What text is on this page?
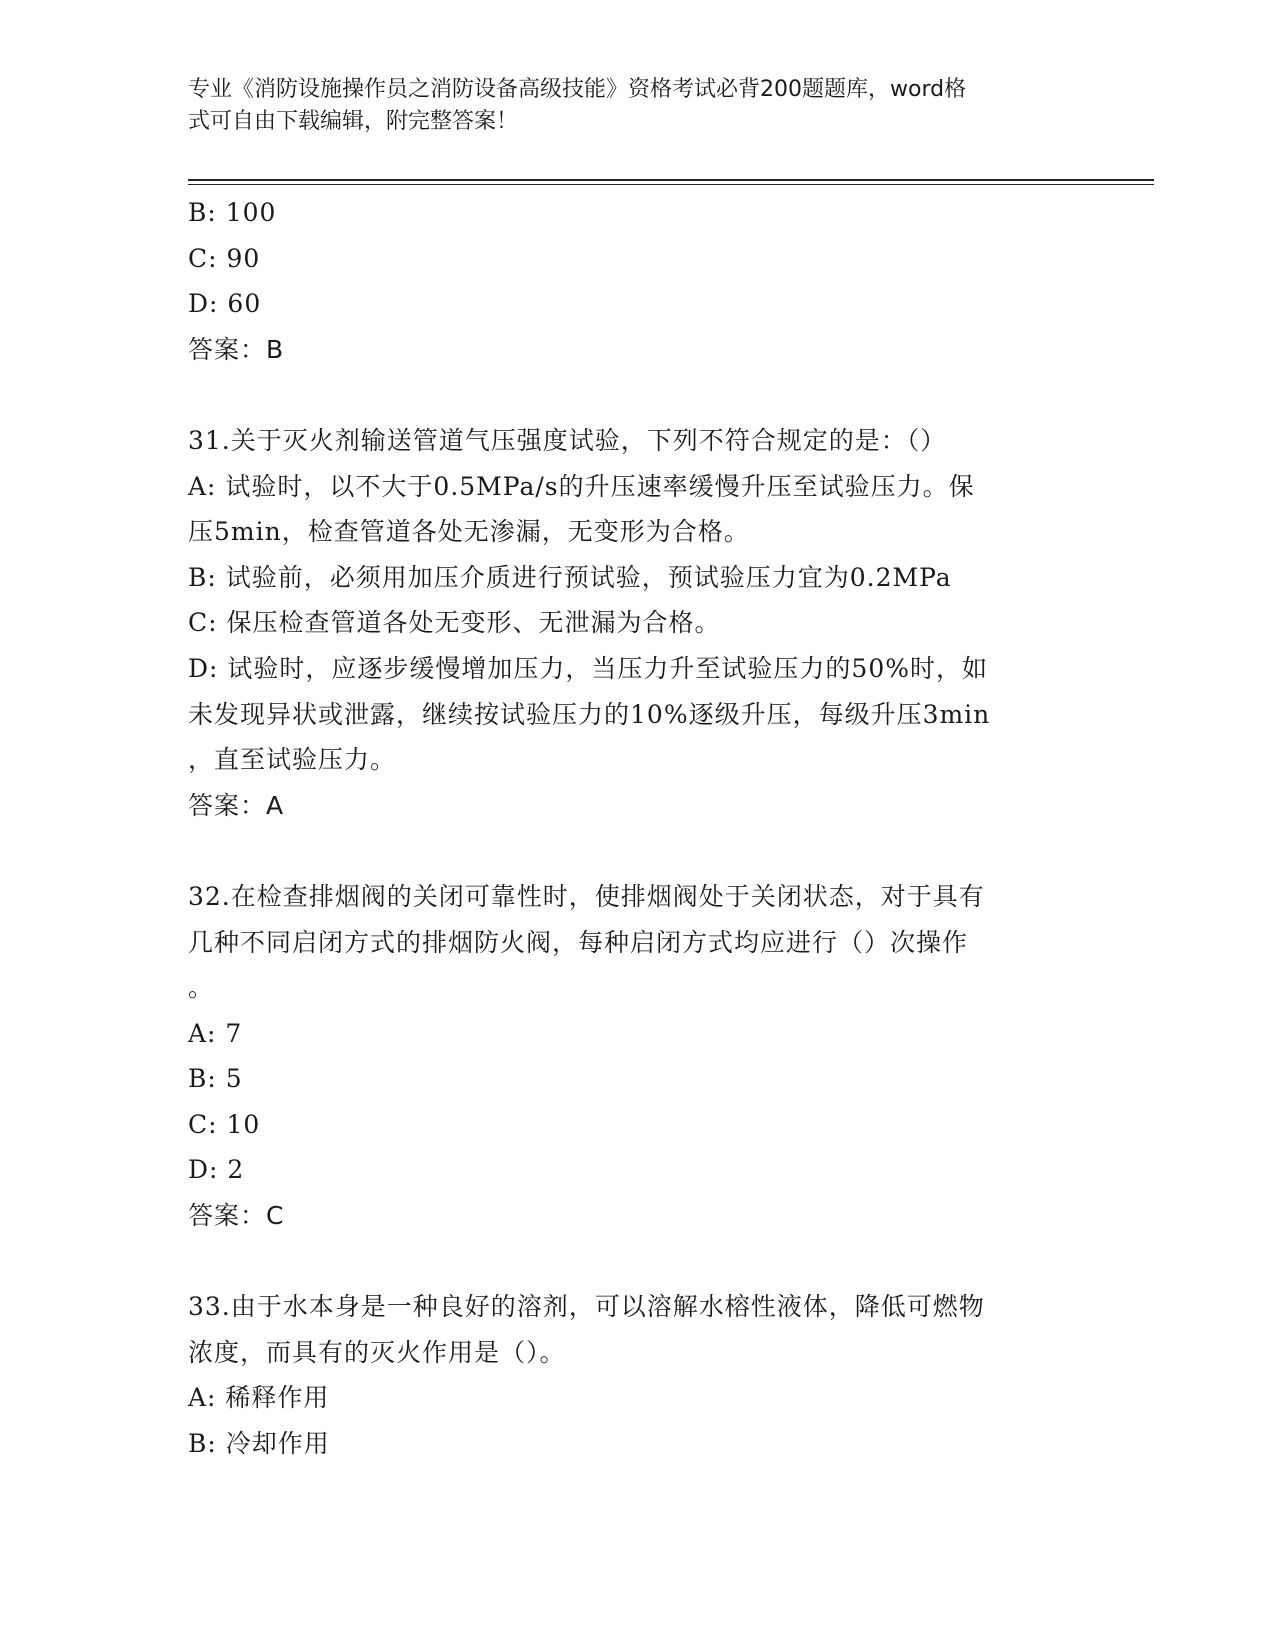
专业《消防设施操作员之消防设备高级技能》资格考试必背200题题库，word格
式可自由下载编辑，附完整答案！
B: 100
C: 90
D: 60
答案：B
31.关于灭火剂输送管道气压强度试验，下列不符合规定的是：（）
A: 试验时，以不大于0.5MPa/s的升压速率缓慢升压至试验压力。保
压5min，检查管道各处无渗漏，无变形为合格。
B: 试验前，必须用加压介质进行预试验，预试验压力宜为0.2MPa
C: 保压检查管道各处无变形、无泄漏为合格。
D: 试验时，应逐步缓慢增加压力，当压力升至试验压力的50%时，如
未发现异状或泄露，继续按试验压力的10%逐级升压，每级升压3min
，直至试验压力。
答案：A
32.在检查排烟阀的关闭可靠性时，使排烟阀处于关闭状态，对于具有
几种不同启闭方式的排烟防火阀，每种启闭方式均应进行（）次操作
。
A: 7
B: 5
C: 10
D: 2
答案：C
33.由于水本身是一种良好的溶剂，可以溶解水榕性液体，降低可燃物
浓度，而具有的灭火作用是（）。
A: 稀释作用
B: 冷却作用
